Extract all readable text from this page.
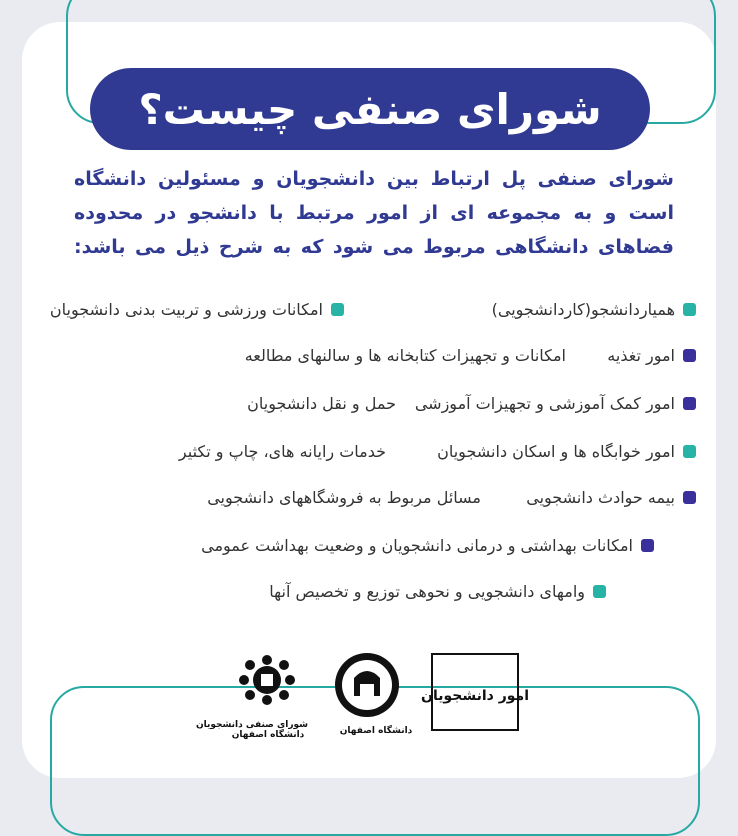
شورای صنفی چیست؟

شورای صنفی پل ارتباط بین دانشجویان و مسئولین دانشگاه

است و به مجموعه ای از امور مرتبط با دانشجو در محدوده

فضاهای دانشگاهی مربوط می شود که به شرح ذیل می باشد:

همیاردانشجو(کاردانشجویی)
امکانات ورزشی و تربیت بدنی دانشجویان
امور تغذیه
امکانات و تجهیزات کتابخانه ها و سالنهای مطالعه
امور کمک آموزشی و تجهیزات آموزشی
حمل و نقل دانشجویان
امور خوابگاه ها و اسکان دانشجویان
خدمات رایانه های، چاپ و تکثیر
بیمه حوادث دانشجویی
مسائل مربوط به فروشگاههای دانشجویی
امکانات بهداشتی و درمانی دانشجویان و وضعیت بهداشت عمومی
وامهای دانشجویی و نحوهی توزیع و تخصیص آنها
شورای صنفی دانشجویان
دانشگاه اصفهان	دانشگاه اصفهان
امور دانشجویان
